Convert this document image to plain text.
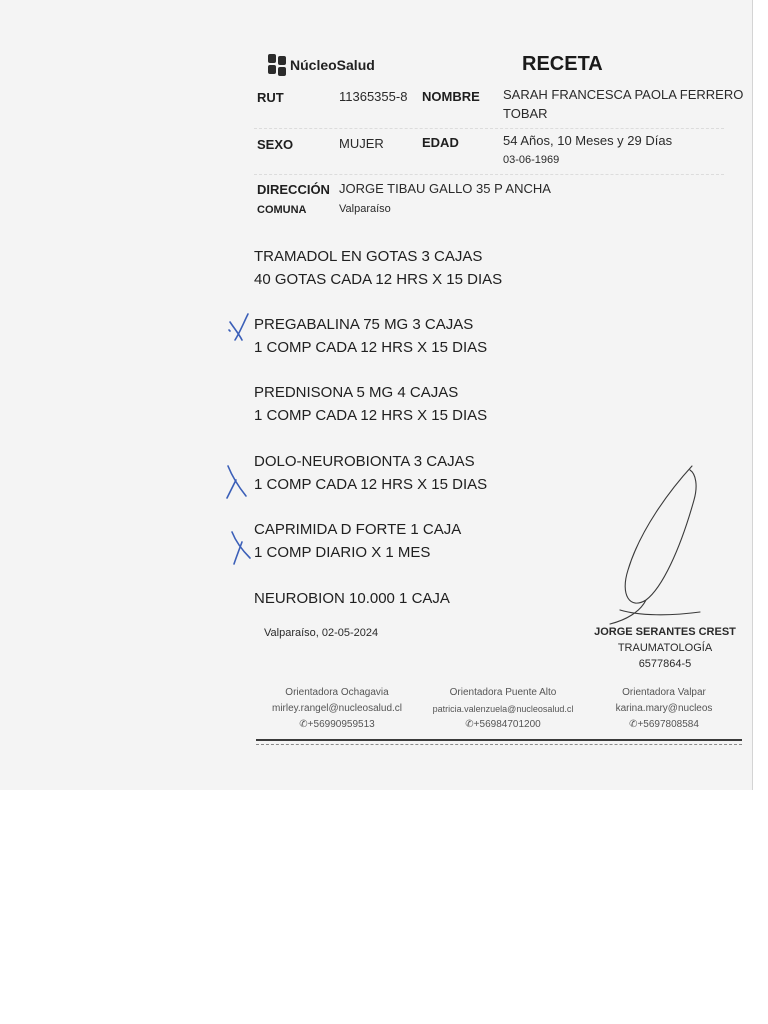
NúcleoSalud	RECETA
RUT	11365355-8 NOMBRE SARAH FRANCESCA PAOLA FERRERO
TOBAR
SEXO	MUJER	EDAD	54 Años, 10 Meses y 29 Días
03-06-1969
DIRECCIÓN JORGE TIBAU GALLO 35 P ANCHA
COMUNA	Valparaíso
TRAMADOL EN GOTAS 3 CAJAS
40 GOTAS CADA 12 HRS X 15 DIAS
PREGABALINA 75 MG 3 CAJAS
1 COMP CADA 12 HRS X 15 DIAS
PREDNISONA 5 MG 4 CAJAS
1 COMP CADA 12 HRS X 15 DIAS
DOLO-NEUROBIONTA 3 CAJAS
1 COMP CADA 12 HRS X 15 DIAS
CAPRIMIDA D FORTE 1 CAJA
1 COMP DIARIO X 1 MES
NEUROBION 10.000 1 CAJA
Valparaíso, 02-05-2024	JORGE SERANTES CREST
TRAUMATOLOGÍA
6577864-5
Orientadora Ochagavia
mirley.rangel@nucleosalud.cl
✆+56990959513
Orientadora Puente Alto
patricia.valenzuela@nucleosalud.cl
✆+56984701200
Orientadora Valpar
karina.mary@nucleos
✆+5697808584
